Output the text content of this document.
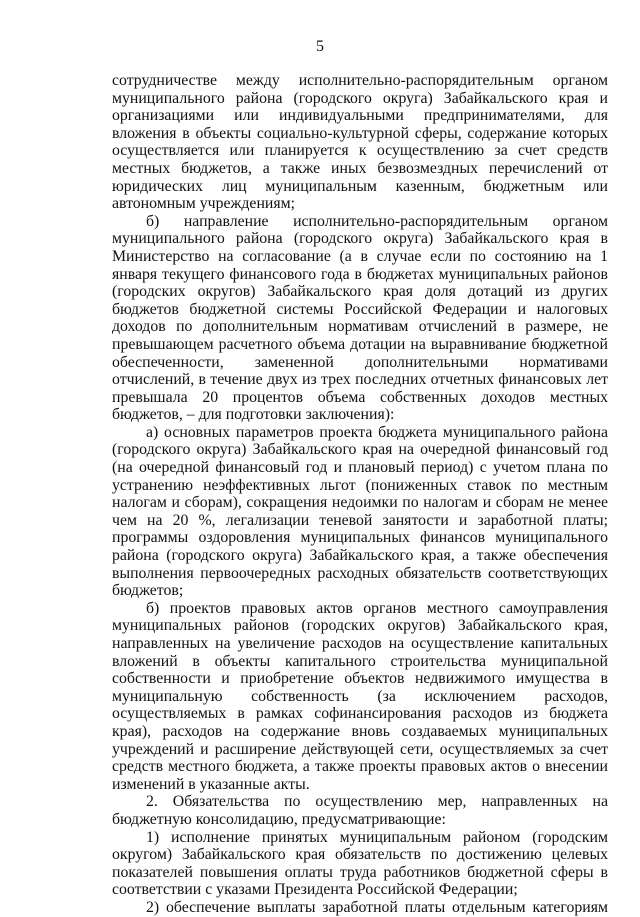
5

сотрудничестве между исполнительно-распорядительным органом муниципального района (городского округа) Забайкальского края и организациями или индивидуальными предпринимателями, для вложения в объекты социально-культурной сферы, содержание которых осуществляется или планируется к осуществлению за счет средств местных бюджетов, а также иных безвозмездных перечислений от юридических лиц муниципальным казенным, бюджетным или автономным учреждениям;

б) направление исполнительно-распорядительным органом муниципального района (городского округа) Забайкальского края в Министерство на согласование (а в случае если по состоянию на 1 января текущего финансового года в бюджетах муниципальных районов (городских округов) Забайкальского края доля дотаций из других бюджетов бюджетной системы Российской Федерации и налоговых доходов по дополнительным нормативам отчислений в размере, не превышающем расчетного объема дотации на выравнивание бюджетной обеспеченности, замененной дополнительными нормативами отчислений, в течение двух из трех последних отчетных финансовых лет превышала 20 процентов объема собственных доходов местных бюджетов, – для подготовки заключения):

а) основных параметров проекта бюджета муниципального района (городского округа) Забайкальского края на очередной финансовый год (на очередной финансовый год и плановый период) с учетом плана по устранению неэффективных льгот (пониженных ставок по местным налогам и сборам), сокращения недоимки по налогам и сборам не менее чем на 20 %, легализации теневой занятости и заработной платы; программы оздоровления муниципальных финансов муниципального района (городского округа) Забайкальского края, а также обеспечения выполнения первоочередных расходных обязательств соответствующих бюджетов;

б) проектов правовых актов органов местного самоуправления муниципальных районов (городских округов) Забайкальского края, направленных на увеличение расходов на осуществление капитальных вложений в объекты капитального строительства муниципальной собственности и приобретение объектов недвижимого имущества в муниципальную собственность (за исключением расходов, осуществляемых в рамках софинансирования расходов из бюджета края), расходов на содержание вновь создаваемых муниципальных учреждений и расширение действующей сети, осуществляемых за счет средств местного бюджета, а также проекты правовых актов о внесении изменений в указанные акты.

2. Обязательства по осуществлению мер, направленных на бюджетную консолидацию, предусматривающие:

1) исполнение принятых муниципальным районом (городским округом) Забайкальского края обязательств по достижению целевых показателей повышения оплаты труда работников бюджетной сферы в соответствии с указами Президента Российской Федерации;

2) обеспечение выплаты заработной платы отдельным категориям
